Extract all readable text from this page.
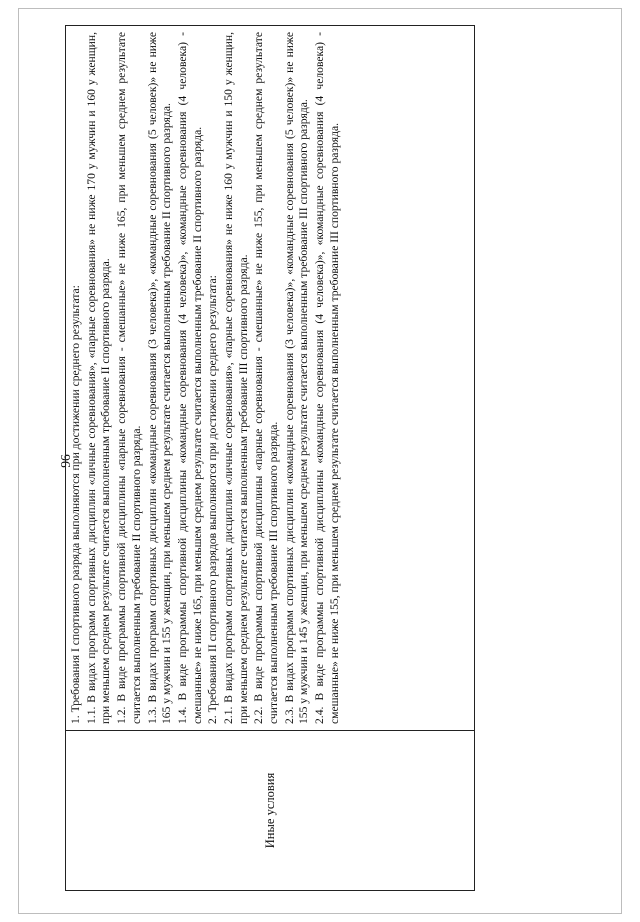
96
Иные условия

1. Требования I спортивного разряда выполняются при достижении среднего результата: 1.1. В видах программ спортивных дисциплин «личные соревнования», «парные соревнования» не ниже 170 у мужчин и 160 у женщин, при меньшем среднем результате считается выполненным требование II спортивного разряда. 1.2. В виде программы спортивной дисциплины «парные соревнования - смешанные» не ниже 165, при меньшем среднем результате считается выполненным требование II спортивного разряда. 1.3. В видах программ спортивных дисциплин «командные соревнования (3 человека)», «командные соревнования (5 человек)» не ниже 165 у мужчин и 155 у женщин, при меньшем среднем результате считается выполненным требование II спортивного разряда. 1.4. В виде программы спортивной дисциплины «командные соревнования (4 человека)», «командные соревнования (4 человека) - смешанные» не ниже 165, при меньшем среднем результате считается выполненным требование II спортивного разряда. 2. Требования II спортивного разрядов выполняются при достижении среднего результата: 2.1. В видах программ спортивных дисциплин «личные соревнования», «парные соревнования» не ниже 160 у мужчин и 150 у женщин, при меньшем среднем результате считается выполненным требование III спортивного разряда. 2.2. В виде программы спортивной дисциплины «парные соревнования - смешанные» не ниже 155, при меньшем среднем результате считается выполненным требование III спортивного разряда. 2.3. В видах программ спортивных дисциплин «командные соревнования (3 человека)», «командные соревнования (5 человек)» не ниже 155 у мужчин и 145 у женщин, при меньшем среднем результате считается выполненным требование III спортивного разряда. 2.4. В виде программы спортивной дисциплины «командные соревнования (4 человека)», «командные соревнования (4 человека) - смешанные» не ниже 155, при меньшем среднем результате считается выполненным требование III спортивного разряда.
